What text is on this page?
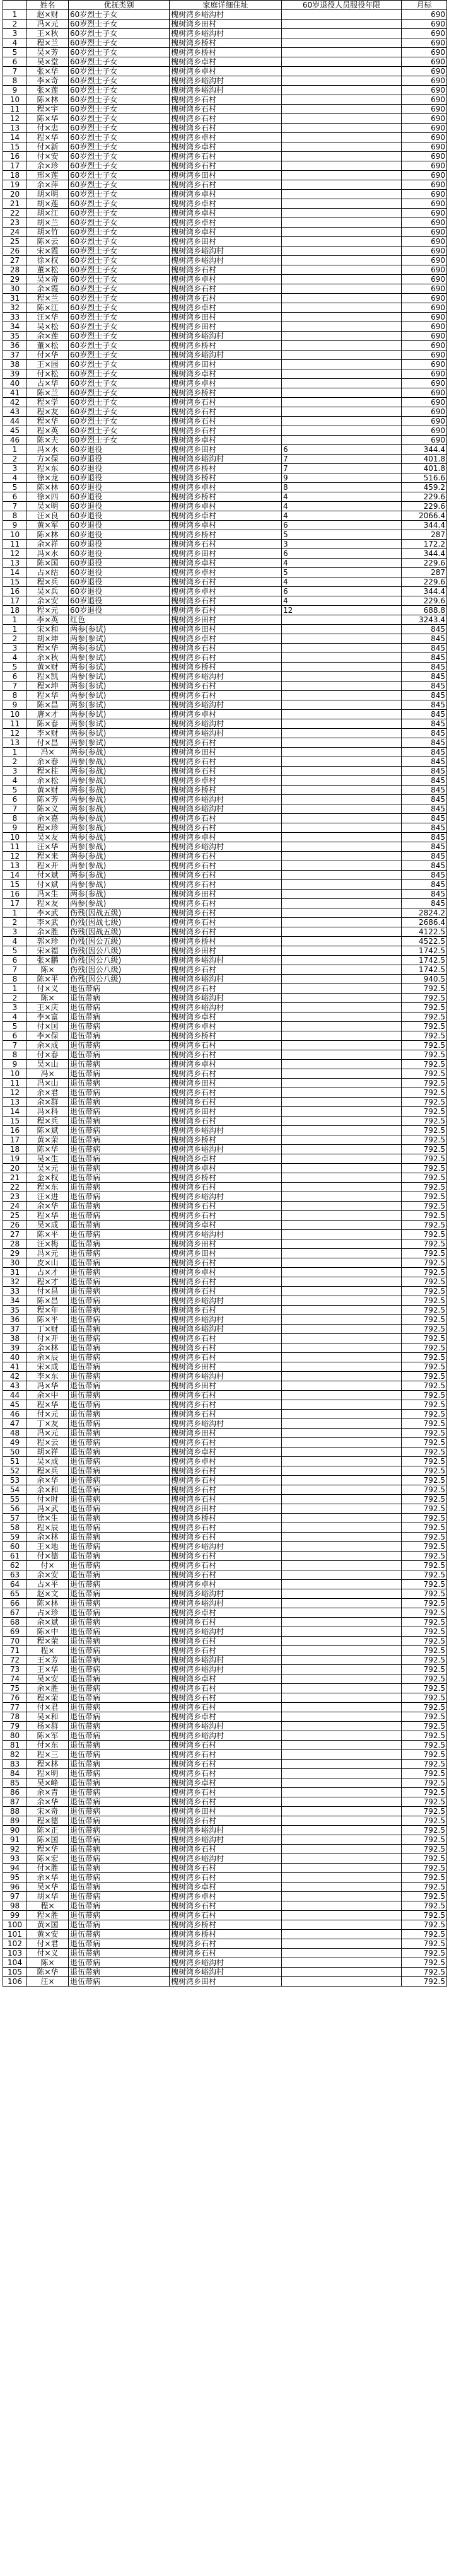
	姓名	优抚类别	家庭详细住址	60岁退役人员服役年限	月标
1	赵×财	60岁烈士子女	槐树湾乡峪沟村		690
2	冯×元	60岁烈士子女	槐树湾乡田村		690
3	王×秋	60岁烈士子女	槐树湾乡峪沟村		690
4	程×兰	60岁烈士子女	槐树湾乡桥村		690
5	吴×芳	60岁烈士子女	槐树湾乡桥村		690
6	吴×堂	60岁烈士子女	槐树湾乡卓村		690
7	张×华	60岁烈士子女	槐树湾乡卓村		690
8	李×奇	60岁烈士子女	槐树湾乡峪沟村		690
9	张×莲	60岁烈士子女	槐树湾乡峪沟村		690
10	陈×林	60岁烈士子女	槐树湾乡石村		690
11	程×宇	60岁烈士子女	槐树湾乡石村		690
12	陈×华	60岁烈士子女	槐树湾乡石村		690
13	付×忠	60岁烈士子女	槐树湾乡石村		690
14	程×华	60岁烈士子女	槐树湾乡卓村		690
15	付×新	60岁烈士子女	槐树湾乡卓村		690
16	付×安	60岁烈士子女	槐树湾乡石村		690
17	余×珍	60岁烈士子女	槐树湾乡石村		690
18	邢×莲	60岁烈士子女	槐树湾乡田村		690
19	余×萍	60岁烈士子女	槐树湾乡石村		690
20	胡×明	60岁烈士子女	槐树湾乡卓村		690
21	胡×莲	60岁烈士子女	槐树湾乡卓村		690
22	胡×江	60岁烈士子女	槐树湾乡卓村		690
23	胡×兰	60岁烈士子女	槐树湾乡卓村		690
24	胡×竹	60岁烈士子女	槐树湾乡卓村		690
25	陈×云	60岁烈士子女	槐树湾乡田村		690
26	宋×霞	60岁烈士子女	槐树湾乡峪沟村		690
27	徐×权	60岁烈士子女	槐树湾乡峪沟村		690
28	董×松	60岁烈士子女	槐树湾乡石村		690
29	吴×奇	60岁烈士子女	槐树湾乡卓村		690
30	余×霞	60岁烈士子女	槐树湾乡石村		690
31	程×兰	60岁烈士子女	槐树湾乡石村		690
32	陈×江	60岁烈士子女	槐树湾乡卓村		690
33	汪×华	60岁烈士子女	槐树湾乡田村		690
34	吴×松	60岁烈士子女	槐树湾乡田村		690
35	余×莲	60岁烈士子女	槐树湾乡峪沟村		690
36	董×松	60岁烈士子女	槐树湾乡桥村		690
37	付×华	60岁烈士子女	槐树湾乡峪沟村		690
38	王×园	60岁烈士子女	槐树湾乡田村		690
39	付×松	60岁烈士子女	槐树湾乡卓村		690
40	占×华	60岁烈士子女	槐树湾乡卓村		690
41	陈×兰	60岁烈士子女	槐树湾乡桥村		690
42	程×学	60岁烈士子女	槐树湾乡石村		690
43	程×友	60岁烈士子女	槐树湾乡石村		690
44	程×华	60岁烈士子女	槐树湾乡石村		690
45	程×英	60岁烈士子女	槐树湾乡石村		690
46	陈×夫	60岁烈士子女	槐树湾乡卓村		690
1	冯×水	60岁退役	槐树湾乡田村	6	344.4
2	方×保	60岁退役	槐树湾乡峪沟村	7	401.8
3	程×东	60岁退役	槐树湾乡桥村	7	401.8
4	徐×龙	60岁退役	槐树湾乡桥村	9	516.6
5	陈×林	60岁退役	槐树湾乡卓村	8	459.2
6	徐×四	60岁退役	槐树湾乡桥村	4	229.6
7	吴×明	60岁退役	槐树湾乡卓村	4	229.6
8	汪×良	60岁退役	槐树湾乡卓村	4	2066.4
9	黄×军	60岁退役	槐树湾乡卓村	6	344.4
10	陈×林	60岁退役	槐树湾乡桥村	5	287
11	余×祥	60岁退役	槐树湾乡石村	3	172.2
12	冯×水	60岁退役	槐树湾乡田村	6	344.4
13	陈×国	60岁退役	槐树湾乡卓村	4	229.6
14	占×结	60岁退役	槐树湾乡卓村	5	287
15	程×兵	60岁退役	槐树湾乡石村	4	229.6
16	吴×兵	60岁退役	槐树湾乡卓村	6	344.4
17	余×安	60岁退役	槐树湾乡石村	4	229.6
18	程×元	60岁退役	槐树湾乡石村	12	688.8
1	李×英	红色	槐树湾乡田村		3243.4
1	宋×和	两参(参试)	槐树湾乡田村		845
2	胡×坤	两参(参试)	槐树湾乡卓村		845
3	程×华	两参(参试)	槐树湾乡石村		845
4	余×秋	两参(参试)	槐树湾乡石村		845
5	黄×财	两参(参试)	槐树湾乡桥村		845
6	程×凯	两参(参试)	槐树湾乡峪沟村		845
7	程×坤	两参(参试)	槐树湾乡石村		845
8	程×华	两参(参试)	槐树湾乡石村		845
9	陈×昌	两参(参试)	槐树湾乡峪沟村		845
10	唐×才	两参(参试)	槐树湾乡卓村		845
11	陈×春	两参(参试)	槐树湾乡峪沟村		845
12	李×财	两参(参试)	槐树湾乡峪沟村		845
13	付×昌	两参(参试)	槐树湾乡石村		845
1	冯×	两参(参战)	槐树湾乡田村		845
2	余×春	两参(参战)	槐树湾乡石村		845
3	程×柱	两参(参战)	槐树湾乡石村		845
4	余×松	两参(参战)	槐树湾乡卓村		845
5	黄×财	两参(参战)	槐树湾乡桥村		845
6	陈×芳	两参(参战)	槐树湾乡峪沟村		845
7	陈×义	两参(参战)	槐树湾乡峪沟村		845
8	余×嘉	两参(参战)	槐树湾乡石村		845
9	程×珍	两参(参战)	槐树湾乡石村		845
10	吴×友	两参(参战)	槐树湾乡卓村		845
11	汪×华	两参(参战)	槐树湾乡峪沟村		845
12	程×来	两参(参战)	槐树湾乡石村		845
13	程×开	两参(参战)	槐树湾乡石村		845
14	付×斌	两参(参战)	槐树湾乡石村		845
15	付×斌	两参(参战)	槐树湾乡石村		845
16	冯×生	两参(参战)	槐树湾乡田村		845
17	程×友	两参(参战)	槐树湾乡石村		845
1	李×武	伤残(因战五级)	槐树湾乡石村		2824.2
2	李×武	伤残(因战七级)	槐树湾乡石村		2686.4
3	余×胜	伤残(因战五级)	槐树湾乡石村		4122.5
4	郭×珍	伤残(因公五级)	槐树湾乡桥村		4522.5
5	宋×福	伤残(因公八级)	槐树湾乡田村		1742.5
6	张×鹏	伤残(因公八级)	槐树湾乡峪沟村		1742.5
7	陈×	伤残(因公八级)	槐树湾乡石村		1742.5
8	陈×平	伤残(因公八级)	槐树湾乡峪沟村		940.5
1	付×义	退伍带病	槐树湾乡石村		792.5
2	陈×	退伍带病	槐树湾乡峪沟村		792.5
3	王×庆	退伍带病	槐树湾乡峪沟村		792.5
4	李×富	退伍带病	槐树湾乡卓村		792.5
5	付×国	退伍带病	槐树湾乡卓村		792.5
6	李×保	退伍带病	槐树湾乡桥村		792.5
7	余×成	退伍带病	槐树湾乡石村		792.5
8	付×春	退伍带病	槐树湾乡石村		792.5
9	吴×山	退伍带病	槐树湾乡卓村		792.5
10	冯×	退伍带病	槐树湾乡石村		792.5
11	冯×山	退伍带病	槐树湾乡田村		792.5
12	余×君	退伍带病	槐树湾乡石村		792.5
13	余×群	退伍带病	槐树湾乡石村		792.5
14	冯×科	退伍带病	槐树湾乡田村		792.5
15	程×兵	退伍带病	槐树湾乡石村		792.5
16	陈×斌	退伍带病	槐树湾乡峪沟村		792.5
17	黄×荣	退伍带病	槐树湾乡桥村		792.5
18	陈×华	退伍带病	槐树湾乡峪沟村		792.5
19	吴×生	退伍带病	槐树湾乡卓村		792.5
20	吴×元	退伍带病	槐树湾乡卓村		792.5
21	金×权	退伍带病	槐树湾乡桥村		792.5
22	程×东	退伍带病	槐树湾乡石村		792.5
23	汪×进	退伍带病	槐树湾乡峪沟村		792.5
24	余×华	退伍带病	槐树湾乡石村		792.5
25	程×华	退伍带病	槐树湾乡石村		792.5
26	吴×成	退伍带病	槐树湾乡卓村		792.5
27	陈×平	退伍带病	槐树湾乡峪沟村		792.5
28	汪×梅	退伍带病	槐树湾乡田村		792.5
29	冯×元	退伍带病	槐树湾乡田村		792.5
30	皮×山	退伍带病	槐树湾乡石村		792.5
31	占×才	退伍带病	槐树湾乡卓村		792.5
32	程×才	退伍带病	槐树湾乡石村		792.5
33	付×昌	退伍带病	槐树湾乡石村		792.5
34	陈×昌	退伍带病	槐树湾乡峪沟村		792.5
35	程×年	退伍带病	槐树湾乡石村		792.5
36	陈×平	退伍带病	槐树湾乡峪沟村		792.5
37	丁×财	退伍带病	槐树湾乡峪沟村		792.5
38	付×开	退伍带病	槐树湾乡石村		792.5
39	余×林	退伍带病	槐树湾乡石村		792.5
40	余×辰	退伍带病	槐树湾乡石村		792.5
41	宋×成	退伍带病	槐树湾乡田村		792.5
42	李×东	退伍带病	槐树湾乡峪沟村		792.5
43	冯×华	退伍带病	槐树湾乡田村		792.5
44	余×中	退伍带病	槐树湾乡石村		792.5
45	程×华	退伍带病	槐树湾乡石村		792.5
46	付×元	退伍带病	槐树湾乡石村		792.5
47	丁×友	退伍带病	槐树湾乡峪沟村		792.5
48	冯×元	退伍带病	槐树湾乡田村		792.5
49	程×云	退伍带病	槐树湾乡石村		792.5
50	胡×祥	退伍带病	槐树湾乡卓村		792.5
51	吴×成	退伍带病	槐树湾乡卓村		792.5
52	程×兵	退伍带病	槐树湾乡石村		792.5
53	余×华	退伍带病	槐树湾乡石村		792.5
54	余×和	退伍带病	槐树湾乡石村		792.5
55	付×时	退伍带病	槐树湾乡石村		792.5
56	冯×武	退伍带病	槐树湾乡田村		792.5
57	徐×生	退伍带病	槐树湾乡桥村		792.5
58	程×辰	退伍带病	槐树湾乡石村		792.5
59	余×林	退伍带病	槐树湾乡石村		792.5
60	王×地	退伍带病	槐树湾乡峪沟村		792.5
61	付×德	退伍带病	槐树湾乡石村		792.5
62	付×	退伍带病	槐树湾乡石村		792.5
63	余×安	退伍带病	槐树湾乡石村		792.5
64	占×平	退伍带病	槐树湾乡卓村		792.5
65	赵×文	退伍带病	槐树湾乡峪沟村		792.5
66	陈×林	退伍带病	槐树湾乡峪沟村		792.5
67	占×珍	退伍带病	槐树湾乡卓村		792.5
68	余×斌	退伍带病	槐树湾乡石村		792.5
69	陈×中	退伍带病	槐树湾乡峪沟村		792.5
70	程×荣	退伍带病	槐树湾乡石村		792.5
71	程×	退伍带病	槐树湾乡石村		792.5
72	王×芳	退伍带病	槐树湾乡峪沟村		792.5
73	王×华	退伍带病	槐树湾乡峪沟村		792.5
74	吴×安	退伍带病	槐树湾乡卓村		792.5
75	余×胜	退伍带病	槐树湾乡石村		792.5
76	程×荣	退伍带病	槐树湾乡石村		792.5
77	付×君	退伍带病	槐树湾乡石村		792.5
78	吴×和	退伍带病	槐树湾乡卓村		792.5
79	杨×群	退伍带病	槐树湾乡峪沟村		792.5
80	陈×军	退伍带病	槐树湾乡峪沟村		792.5
81	付×东	退伍带病	槐树湾乡石村		792.5
82	程×三	退伍带病	槐树湾乡石村		792.5
83	程×林	退伍带病	槐树湾乡石村		792.5
84	程×明	退伍带病	槐树湾乡石村		792.5
85	吴×峰	退伍带病	槐树湾乡卓村		792.5
86	余×青	退伍带病	槐树湾乡石村		792.5
87	余×华	退伍带病	槐树湾乡石村		792.5
88	宋×奇	退伍带病	槐树湾乡田村		792.5
89	程×德	退伍带病	槐树湾乡石村		792.5
90	陈×正	退伍带病	槐树湾乡峪沟村		792.5
91	陈×国	退伍带病	槐树湾乡峪沟村		792.5
92	程×华	退伍带病	槐树湾乡石村		792.5
93	陈×宏	退伍带病	槐树湾乡峪沟村		792.5
94	付×胜	退伍带病	槐树湾乡石村		792.5
95	余×华	退伍带病	槐树湾乡石村		792.5
96	吴×华	退伍带病	槐树湾乡卓村		792.5
97	胡×华	退伍带病	槐树湾乡卓村		792.5
98	程×	退伍带病	槐树湾乡石村		792.5
99	程×胜	退伍带病	槐树湾乡石村		792.5
100	黄×国	退伍带病	槐树湾乡桥村		792.5
101	黄×安	退伍带病	槐树湾乡桥村		792.5
102	付×君	退伍带病	槐树湾乡石村		792.5
103	付×义	退伍带病	槐树湾乡石村		792.5
104	陈×	退伍带病	槐树湾乡峪沟村		792.5
105	陈×华	退伍带病	槐树湾乡峪沟村		792.5
106	汪×	退伍带病	槐树湾乡田村		792.5
